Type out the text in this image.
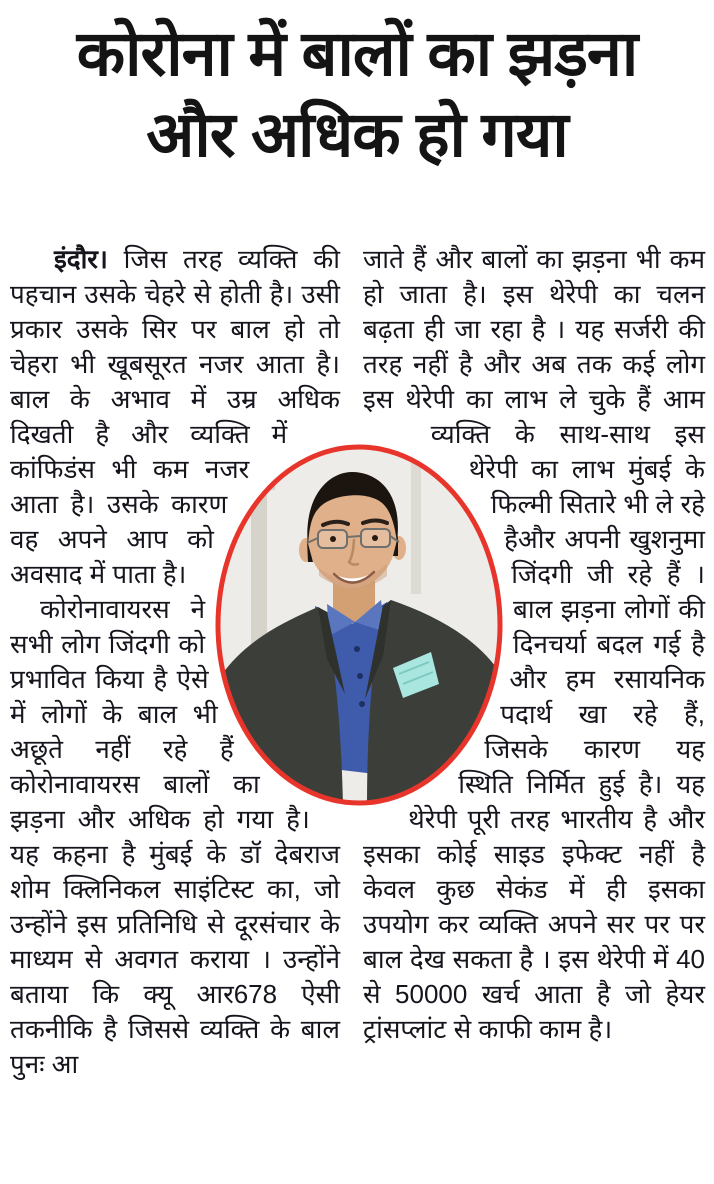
कोरोना में बालों का झड़ना
और अधिक हो गया

इंदौर। जिस तरह व्यक्ति की पहचान उसके चेहरे से होती है। उसी प्रकार उसके सिर पर बाल हो तो चेहरा भी खूबसूरत नजर आता है। बाल के अभाव में उम्र अधिक दिखती है और व्यक्ति में कांफिडंस भी कम नजर आता है। उसके कारण वह अपने आप को अवसाद में पाता है।

कोरोनावायरस ने सभी लोग जिंदगी को प्रभावित किया है ऐसे में लोगों के बाल भी अछूते नहीं रहे हैं कोरोनावायरस बालों का झड़ना और अधिक हो गया है। यह कहना है मुंबई के डॉ देबराज शोम क्लिनिकल साइंटिस्ट का, जो उन्होंने इस प्रतिनिधि से दूरसंचार के माध्यम से अवगत कराया । उन्होंने बताया कि क्यू आर678 ऐसी तकनीकि है जिससे व्यक्ति के बाल पुनः आ

जाते हैं और बालों का झड़ना भी कम हो जाता है। इस थेरेपी का चलन बढ़ता ही जा रहा है । यह सर्जरी की तरह नहीं है और अब तक कई लोग इस थेरेपी का लाभ ले चुके हैं आम व्यक्ति के साथ-साथ इस थेरेपी का लाभ मुंबई के फिल्मी सितारे भी ले रहे हैऔर अपनी खुशनुमा जिंदगी जी रहे हैं । बाल झड़ना लोगों की दिनचर्या बदल गई है और हम रसायनिक पदार्थ खा रहे हैं, जिसके कारण यह स्थिति निर्मित हुई है। यह थेरेपी पूरी तरह भारतीय है और इसका कोई साइड इफेक्ट नहीं है केवल कुछ सेकंड में ही इसका उपयोग कर व्यक्ति अपने सर पर पर बाल देख सकता है । इस थेरेपी में 40 से 50000 खर्च आता है जो हेयर ट्रांसप्लांट से काफी काम है।
